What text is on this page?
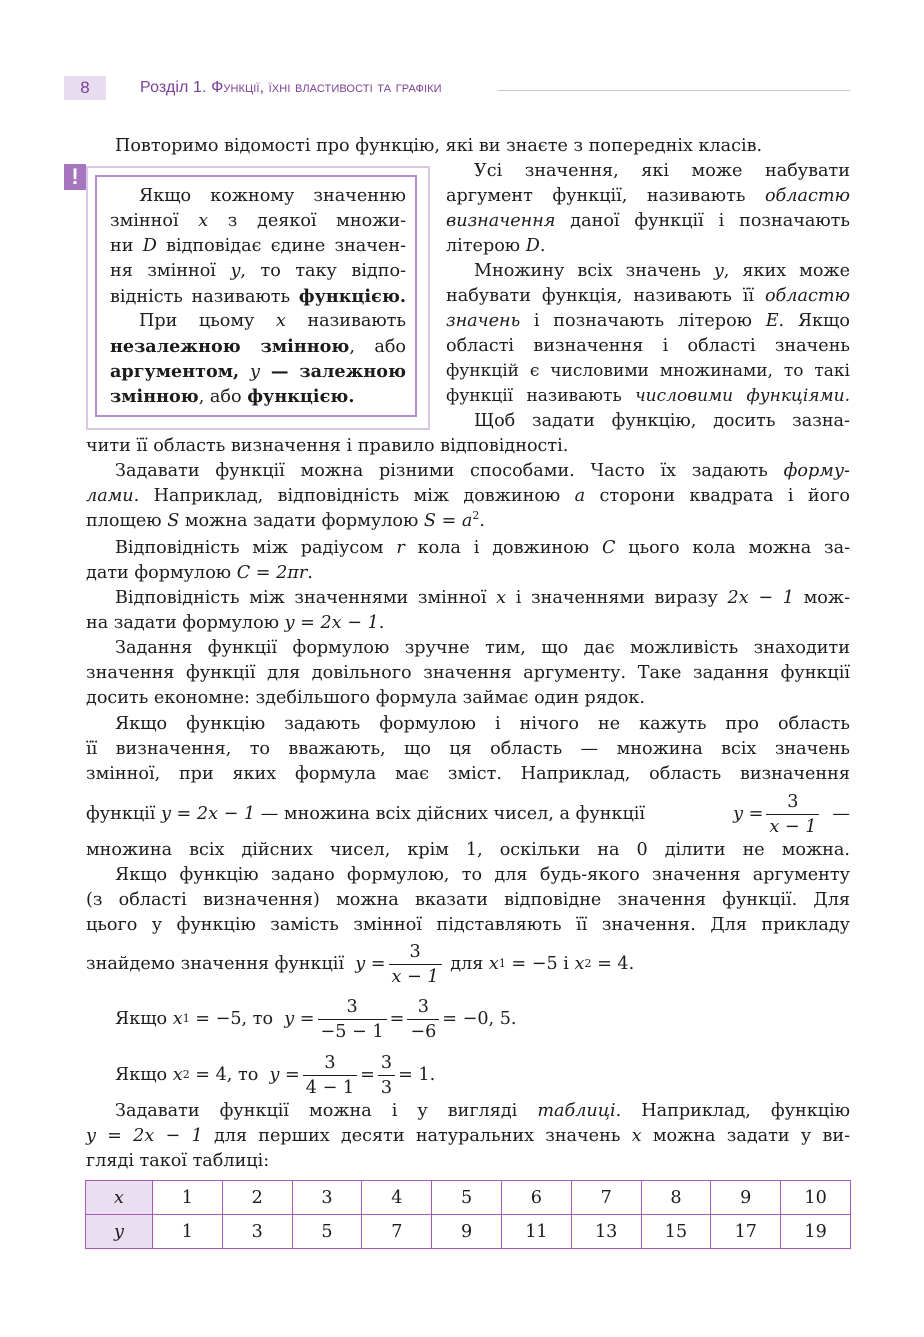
8	Розділ 1. Функції, їхні властивості та графіки
Повторимо відомості про функцію, які ви знаєте з попередніх класів.
!
Якщо кожному значенню
змінної x з деякої множи-
ни D відповідає єдине значен-
ня змінної y, то таку відпо-
відність називають функцією.
При цьому x називають
незалежною змінною, або
аргументом, y — залежною
змінною, або функцією.
Усі значення, які може набувати
аргумент функції, називають областю
визначення даної функції і позначають
літерою D.
Множину всіх значень y, яких може
набувати функція, називають її областю
значень і позначають літерою E. Якщо
області визначення і області значень
функцій є числовими множинами, то такі
функції називають числовими функціями.
Щоб задати функцію, досить зазна-
чити її область визначення і правило відповідності.
Задавати функції можна різними способами. Часто їх задають форму-
лами. Наприклад, відповідність між довжиною a сторони квадрата і його
площею S можна задати формулою $S = a^2$.
Відповідність між радіусом r кола і довжиною C цього кола можна за-
дати формулою C = 2πr.
Відповідність між значеннями змінної x і значеннями виразу 2x − 1 мож-
на задати формулою y = 2x − 1.
Задання функції формулою зручне тим, що дає можливість знаходити
значення функції для довільного значення аргументу. Таке задання функції
досить економне: здебільшого формула займає один рядок.
Якщо функцію задають формулою і нічого не кажуть про область
її визначення, то вважають, що ця область — множина всіх значень
змінної, при яких формула має зміст. Наприклад, область визначення
функції y = 2x − 1 — множина всіх дійсних чисел, а функції	$y = \frac{3}{x - 1}$ —
множина всіх дійсних чисел, крім 1, оскільки на 0 ділити не можна.
Якщо функцію задано формулою, то для будь-якого значення аргументу
(з області визначення) можна вказати відповідне значення функції. Для
цього у функцію замість змінної підставляють її значення. Для прикладу
знайдемо значення функції
$y = \frac{3}{x - 1}$
для
x 1
= −5
і
x 2
= 4.
Якщо
x 1
= −5, то
$y = \frac{3}{-5 - 1} = \frac{3}{-6} = -0$, 5.
Якщо
x 2
= 4, то
$y = \frac{3}{4 - 1} = \frac{3}{3} = 1$.
Задавати функції можна і у вигляді таблиці. Наприклад, функцію
y = 2x − 1 для перших десяти натуральних значень x можна задати у ви-
гляді такої таблиці:
x	1	2	3	4	5	6	7	8	9	10
y	1	3	5	7	9	11	13	15	17	19
